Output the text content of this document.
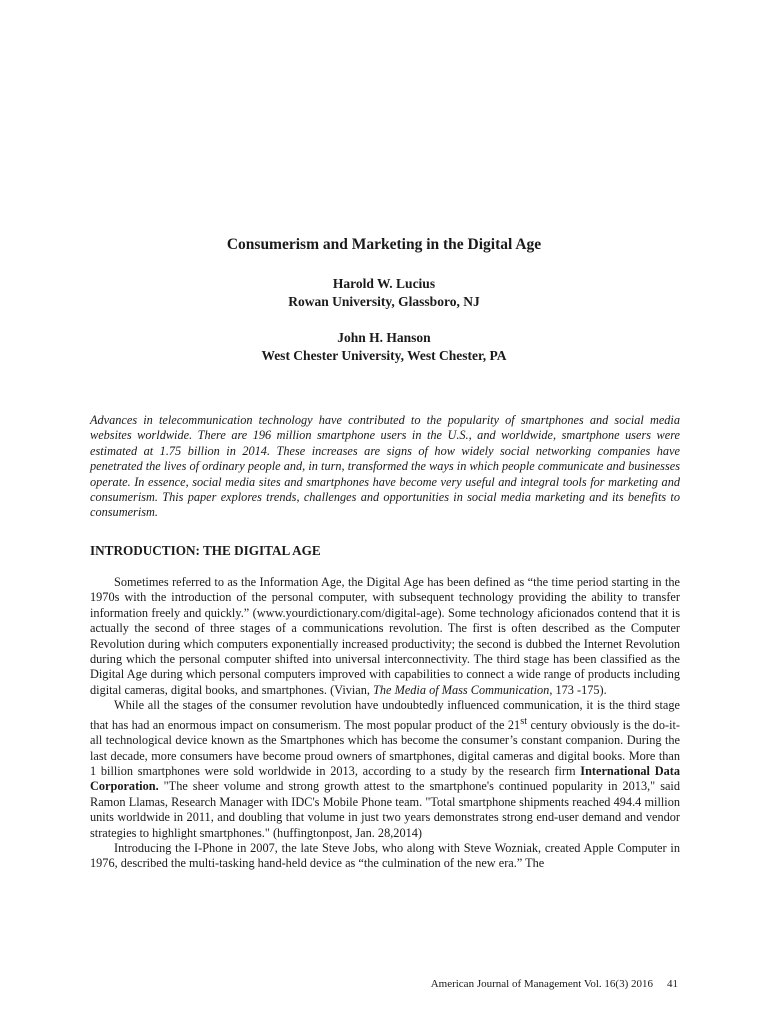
Consumerism and Marketing in the Digital Age
Harold W. Lucius
Rowan University, Glassboro, NJ
John H. Hanson
West Chester University, West Chester, PA

Advances in telecommunication technology have contributed to the popularity of smartphones and social media websites worldwide. There are 196 million smartphone users in the U.S., and worldwide, smartphone users were estimated at 1.75 billion in 2014. These increases are signs of how widely social networking companies have penetrated the lives of ordinary people and, in turn, transformed the ways in which people communicate and businesses operate. In essence, social media sites and smartphones have become very useful and integral tools for marketing and consumerism. This paper explores trends, challenges and opportunities in social media marketing and its benefits to consumerism.

INTRODUCTION: THE DIGITAL AGE

Sometimes referred to as the Information Age, the Digital Age has been defined as “the time period starting in the 1970s with the introduction of the personal computer, with subsequent technology providing the ability to transfer information freely and quickly.” (www.yourdictionary.com/digital-age). Some technology aficionados contend that it is actually the second of three stages of a communications revolution. The first is often described as the Computer Revolution during which computers exponentially increased productivity; the second is dubbed the Internet Revolution during which the personal computer shifted into universal interconnectivity. The third stage has been classified as the Digital Age during which personal computers improved with capabilities to connect a wide range of products including digital cameras, digital books, and smartphones. (Vivian, The Media of Mass Communication, 173 -175).

While all the stages of the consumer revolution have undoubtedly influenced communication, it is the third stage that has had an enormous impact on consumerism. The most popular product of the 21st century obviously is the do-it-all technological device known as the Smartphones which has become the consumer’s constant companion. During the last decade, more consumers have become proud owners of smartphones, digital cameras and digital books. More than 1 billion smartphones were sold worldwide in 2013, according to a study by the research firm International Data Corporation. "The sheer volume and strong growth attest to the smartphone's continued popularity in 2013," said Ramon Llamas, Research Manager with IDC's Mobile Phone team. "Total smartphone shipments reached 494.4 million units worldwide in 2011, and doubling that volume in just two years demonstrates strong end-user demand and vendor strategies to highlight smartphones." (huffingtonpost, Jan. 28,2014)

Introducing the I-Phone in 2007, the late Steve Jobs, who along with Steve Wozniak, created Apple Computer in 1976, described the multi-tasking hand-held device as “the culmination of the new era.” The

American Journal of Management Vol. 16(3) 2016 41
